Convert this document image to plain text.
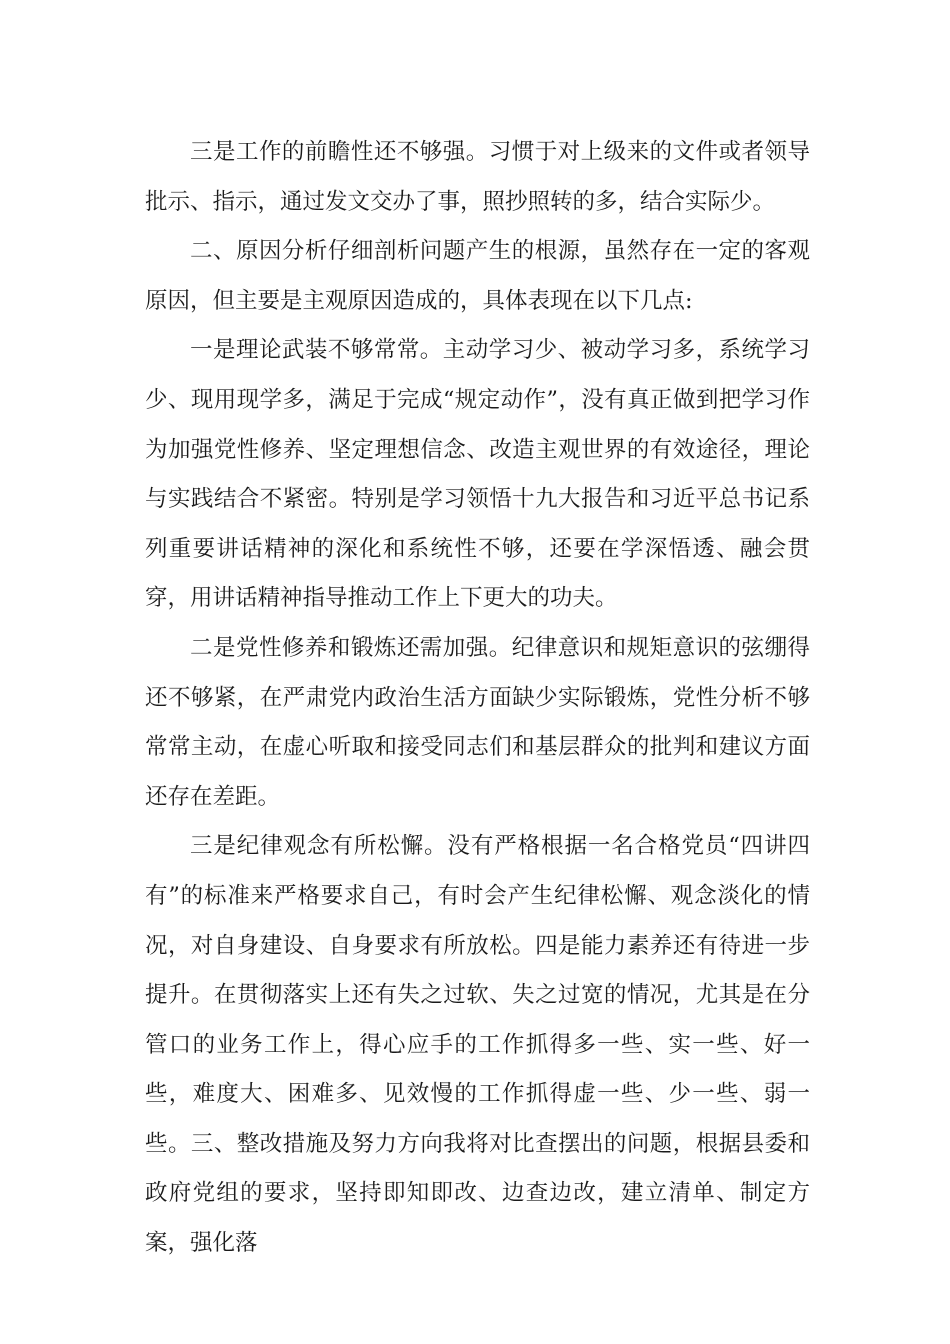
三是工作的前瞻性还不够强。习惯于对上级来的文件或者领导批示、指示，通过发文交办了事，照抄照转的多，结合实际少。

二、原因分析仔细剖析问题产生的根源，虽然存在一定的客观原因，但主要是主观原因造成的，具体表现在以下几点:

一是理论武装不够常常。主动学习少、被动学习多，系统学习少、现用现学多，满足于完成“规定动作”，没有真正做到把学习作为加强党性修养、坚定理想信念、改造主观世界的有效途径，理论与实践结合不紧密。特别是学习领悟十九大报告和习近平总书记系列重要讲话精神的深化和系统性不够，还要在学深悟透、融会贯穿，用讲话精神指导推动工作上下更大的功夫。

二是党性修养和锻炼还需加强。纪律意识和规矩意识的弦绷得还不够紧，在严肃党内政治生活方面缺少实际锻炼，党性分析不够常常主动，在虚心听取和接受同志们和基层群众的批判和建议方面还存在差距。

三是纪律观念有所松懈。没有严格根据一名合格党员“四讲四有”的标准来严格要求自己，有时会产生纪律松懈、观念淡化的情况，对自身建设、自身要求有所放松。四是能力素养还有待进一步提升。在贯彻落实上还有失之过软、失之过宽的情况，尤其是在分管口的业务工作上，得心应手的工作抓得多一些、实一些、好一些，难度大、困难多、见效慢的工作抓得虚一些、少一些、弱一些。三、整改措施及努力方向我将对比查摆出的问题，根据县委和政府党组的要求，坚持即知即改、边查边改，建立清单、制定方案，强化落
